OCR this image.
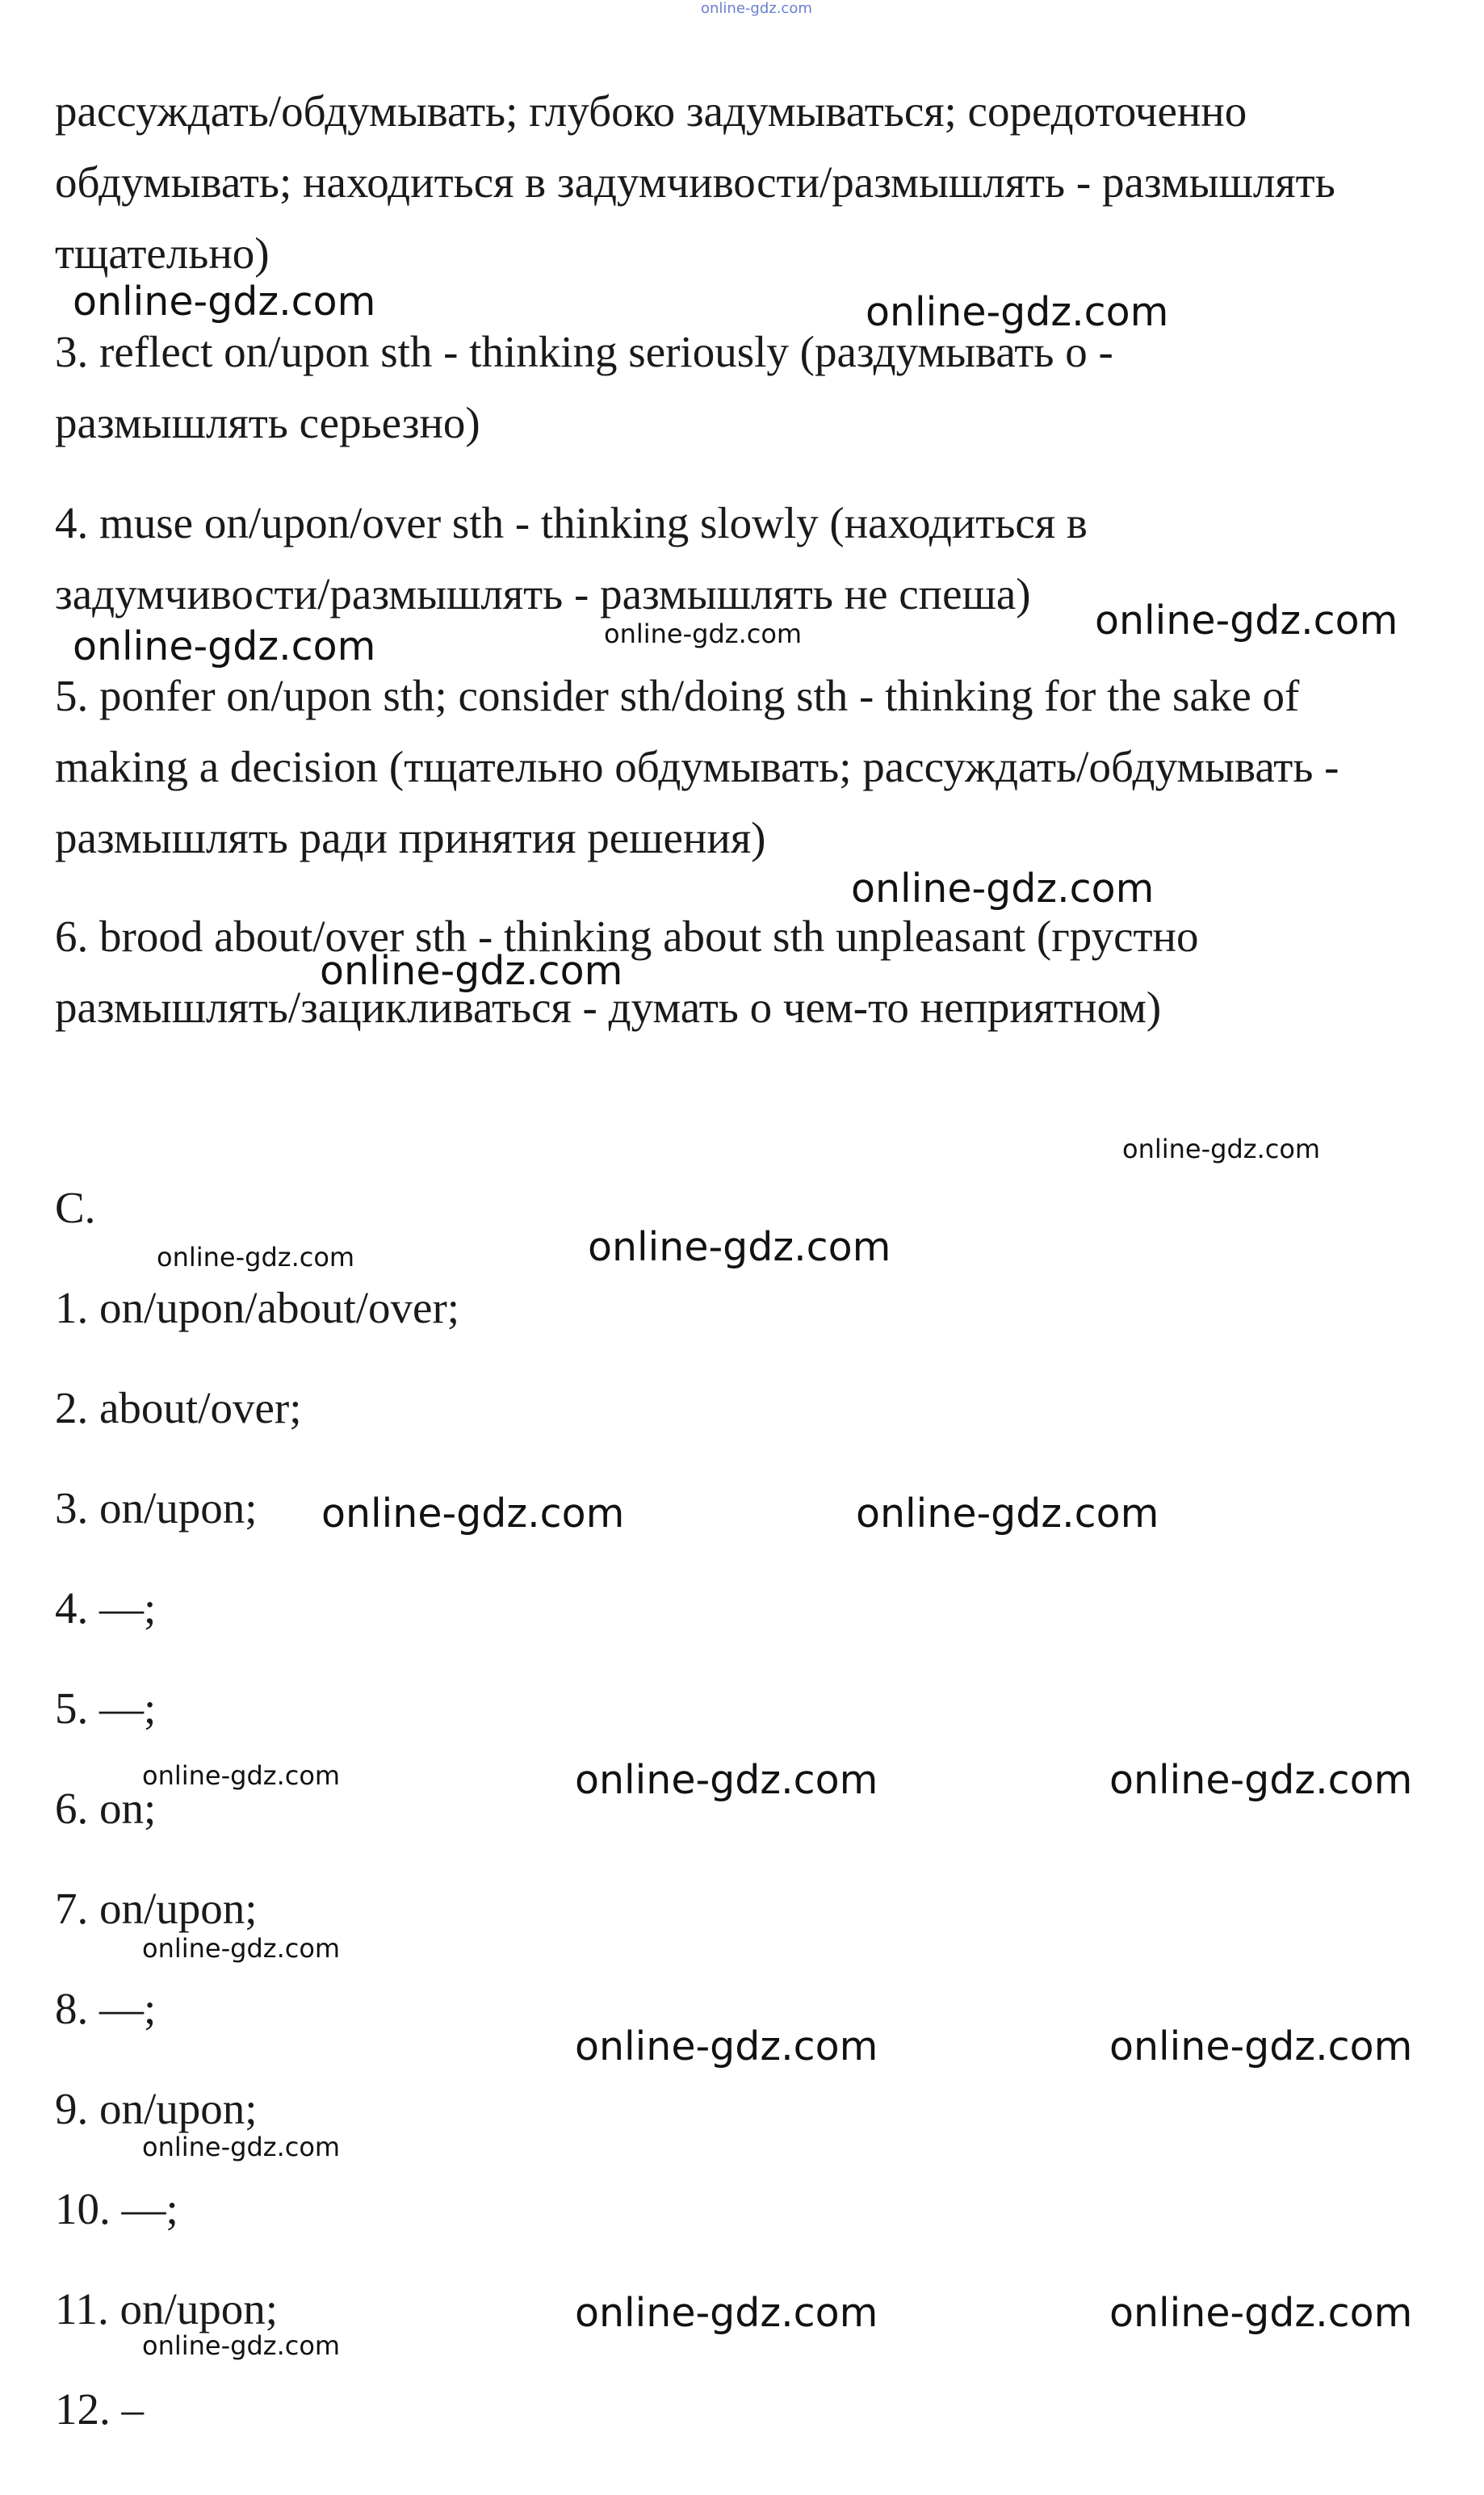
online-gdz.com

рассуждать/обдумывать; глубоко задумываться; соредоточенно

обдумывать; находиться в задумчивости/размышлять - размышлять

тщательно)

3. reflect on/upon sth - thinking seriously (раздумывать о -

размышлять серьезно)

4. muse on/upon/over sth - thinking slowly (находиться в

задумчивости/размышлять - размышлять не спеша)

5. ponfer on/upon sth; consider sth/doing sth - thinking for the sake of

making a decision (тщательно обдумывать; рассуждать/обдумывать -

размышлять ради принятия решения)

6. brood about/over sth - thinking about sth unpleasant (грустно

размышлять/зацикливаться - думать о чем-то неприятном)

C.

1. on/upon/about/over;

2. about/over;

3. on/upon;

4. —;

5. —;

6. on;

7. on/upon;

8. —;

9. on/upon;

10. —;

11. on/upon;

12. –

online-gdz.com	online-gdz.com
online-gdz.com	online-gdz.com
online-gdz.com
online-gdz.com
online-gdz.com
online-gdz.com
online-gdz.com	online-gdz.com
online-gdz.com	online-gdz.com
online-gdz.com	online-gdz.com	online-gdz.com
online-gdz.com
online-gdz.com	online-gdz.com
online-gdz.com
online-gdz.com	online-gdz.com
online-gdz.com
